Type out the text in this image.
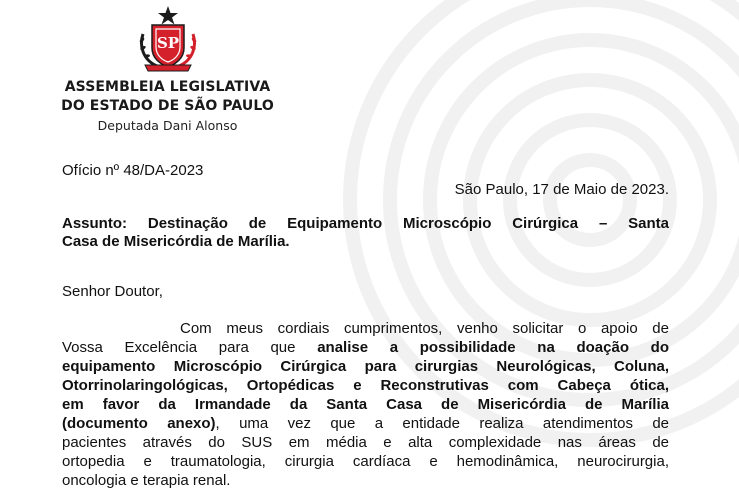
SP
ASSEMBLEIA LEGISLATIVA
DO ESTADO DE SÃO PAULO
Deputada Dani Alonso
Ofício nº 48/DA-2023
São Paulo, 17 de Maio de 2023.
Assunto: Destinação de Equipamento Microscópio Cirúrgica – Santa
Casa de Misericórdia de Marília.
Senhor Doutor,
Com meus cordiais cumprimentos, venho solicitar o apoio de
Vossa Excelência para que analise a possibilidade na doação do
equipamento Microscópio Cirúrgica para cirurgias Neurológicas, Coluna,
Otorrinolaringológicas, Ortopédicas e Reconstrutivas com Cabeça ótica,
em favor da Irmandade da Santa Casa de Misericórdia de Marília
(documento anexo), uma vez que a entidade realiza atendimentos de
pacientes através do SUS em média e alta complexidade nas áreas de
ortopedia e traumatologia, cirurgia cardíaca e hemodinâmica, neurocirurgia,
oncologia e terapia renal.
